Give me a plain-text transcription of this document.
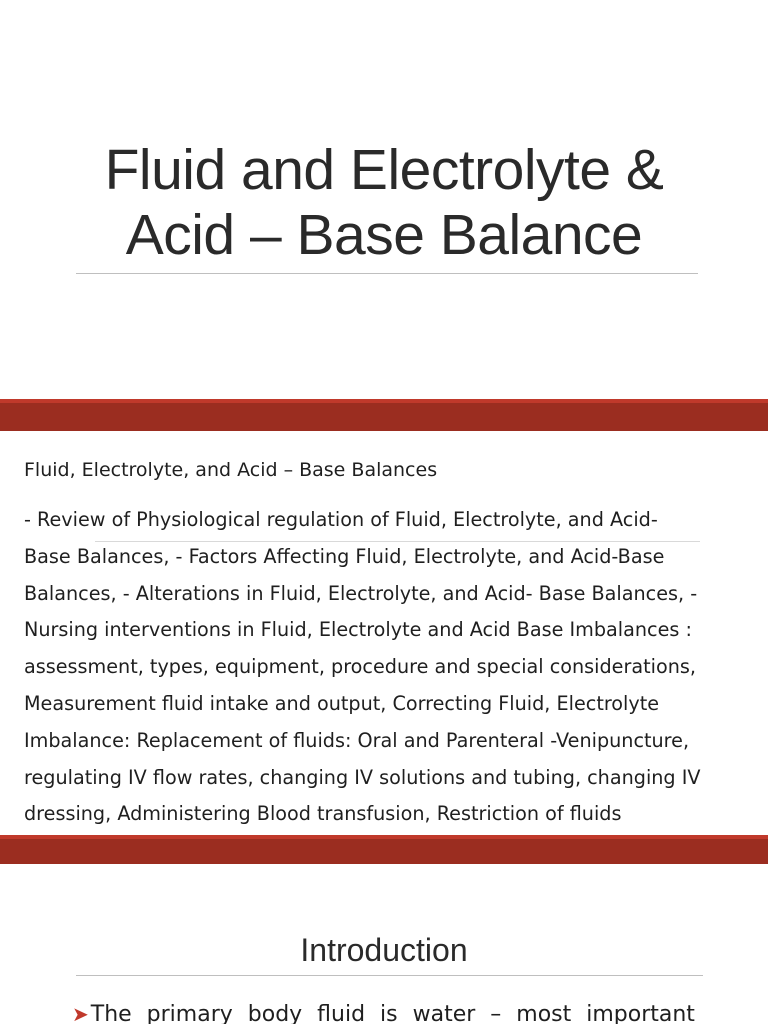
Fluid and Electrolyte &
Acid – Base Balance
Fluid, Electrolyte, and Acid – Base Balances
- Review of Physiological regulation of Fluid, Electrolyte, and Acid-
Base Balances, - Factors Affecting Fluid, Electrolyte, and Acid-Base
Balances, - Alterations in Fluid, Electrolyte, and Acid- Base Balances, -
Nursing interventions in Fluid, Electrolyte and Acid Base Imbalances :
assessment, types, equipment, procedure and special considerations,
Measurement fluid intake and output, Correcting Fluid, Electrolyte
Imbalance: Replacement of fluids: Oral and Parenteral -Venipuncture,
regulating IV flow rates, changing IV solutions and tubing, changing IV
dressing, Administering Blood transfusion, Restriction of fluids
Introduction
➤ The primary body fluid is water – most important
